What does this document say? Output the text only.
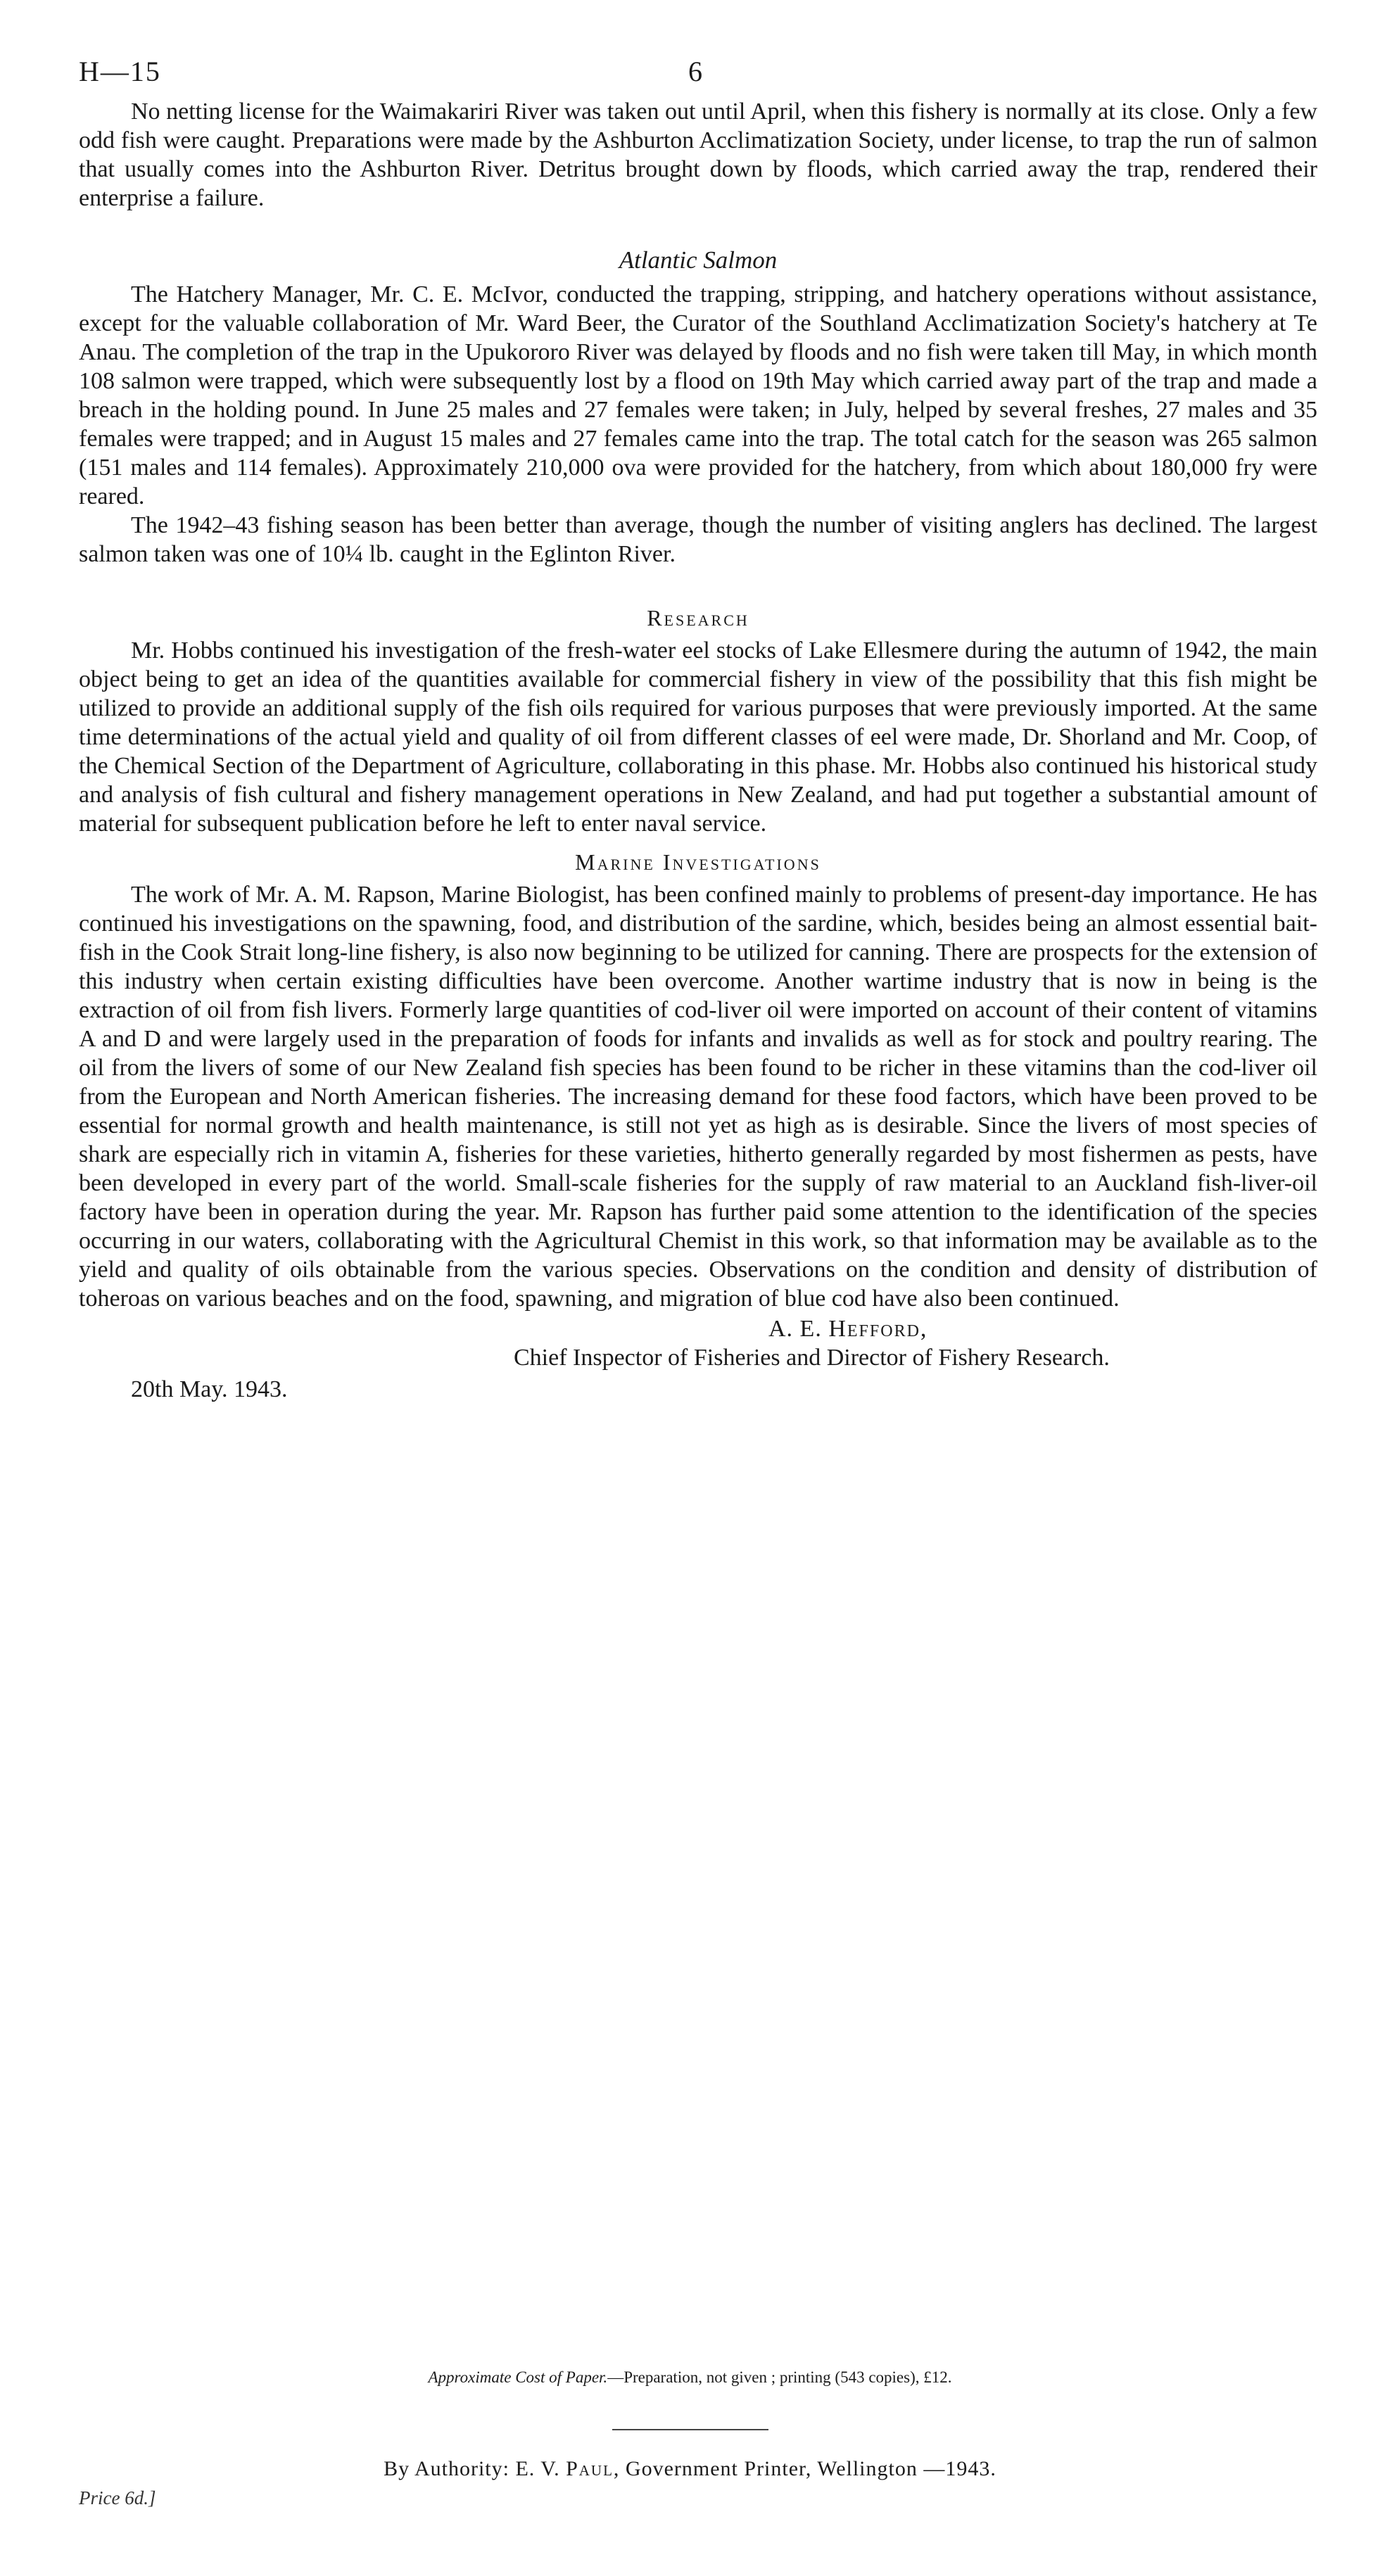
H—15	6

No netting license for the Waimakariri River was taken out until April, when this fishery is normally at its close. Only a few odd fish were caught. Preparations were made by the Ashburton Acclimatization Society, under license, to trap the run of salmon that usually comes into the Ashburton River. Detritus brought down by floods, which carried away the trap, rendered their enterprise a failure.

Atlantic Salmon

The Hatchery Manager, Mr. C. E. McIvor, conducted the trapping, stripping, and hatchery operations without assistance, except for the valuable collaboration of Mr. Ward Beer, the Curator of the Southland Acclimatization Society's hatchery at Te Anau. The completion of the trap in the Upukororo River was delayed by floods and no fish were taken till May, in which month 108 salmon were trapped, which were subsequently lost by a flood on 19th May which carried away part of the trap and made a breach in the holding pound. In June 25 males and 27 females were taken; in July, helped by several freshes, 27 males and 35 females were trapped; and in August 15 males and 27 females came into the trap. The total catch for the season was 265 salmon (151 males and 114 females). Approximately 210,000 ova were provided for the hatchery, from which about 180,000 fry were reared.

The 1942–43 fishing season has been better than average, though the number of visiting anglers has declined. The largest salmon taken was one of 10¼ lb. caught in the Eglinton River.

Research

Mr. Hobbs continued his investigation of the fresh-water eel stocks of Lake Ellesmere during the autumn of 1942, the main object being to get an idea of the quantities available for commercial fishery in view of the possibility that this fish might be utilized to provide an additional supply of the fish oils required for various purposes that were previously imported. At the same time determinations of the actual yield and quality of oil from different classes of eel were made, Dr. Shorland and Mr. Coop, of the Chemical Section of the Department of Agriculture, collaborating in this phase. Mr. Hobbs also continued his historical study and analysis of fish cultural and fishery management operations in New Zealand, and had put together a substantial amount of material for subsequent publication before he left to enter naval service.

Marine Investigations

The work of Mr. A. M. Rapson, Marine Biologist, has been confined mainly to problems of present-day importance. He has continued his investigations on the spawning, food, and distribution of the sardine, which, besides being an almost essential bait-fish in the Cook Strait long-line fishery, is also now beginning to be utilized for canning. There are prospects for the extension of this industry when certain existing difficulties have been overcome. Another wartime industry that is now in being is the extraction of oil from fish livers. Formerly large quantities of cod-liver oil were imported on account of their content of vitamins A and D and were largely used in the preparation of foods for infants and invalids as well as for stock and poultry rearing. The oil from the livers of some of our New Zealand fish species has been found to be richer in these vitamins than the cod-liver oil from the European and North American fisheries. The increasing demand for these food factors, which have been proved to be essential for normal growth and health maintenance, is still not yet as high as is desirable. Since the livers of most species of shark are especially rich in vitamin A, fisheries for these varieties, hitherto generally regarded by most fishermen as pests, have been developed in every part of the world. Small-scale fisheries for the supply of raw material to an Auckland fish-liver-oil factory have been in operation during the year. Mr. Rapson has further paid some attention to the identification of the species occurring in our waters, collaborating with the Agricultural Chemist in this work, so that information may be available as to the yield and quality of oils obtainable from the various species. Observations on the condition and density of distribution of toheroas on various beaches and on the food, spawning, and migration of blue cod have also been continued.

A. E. Hefford,
Chief Inspector of Fisheries and Director of Fishery Research.
20th May. 1943.
Approximate Cost of Paper.—Preparation, not given ; printing (543 copies), £12.
By Authority: E. V. Paul, Government Printer, Wellington —1943.
Price 6d.]
